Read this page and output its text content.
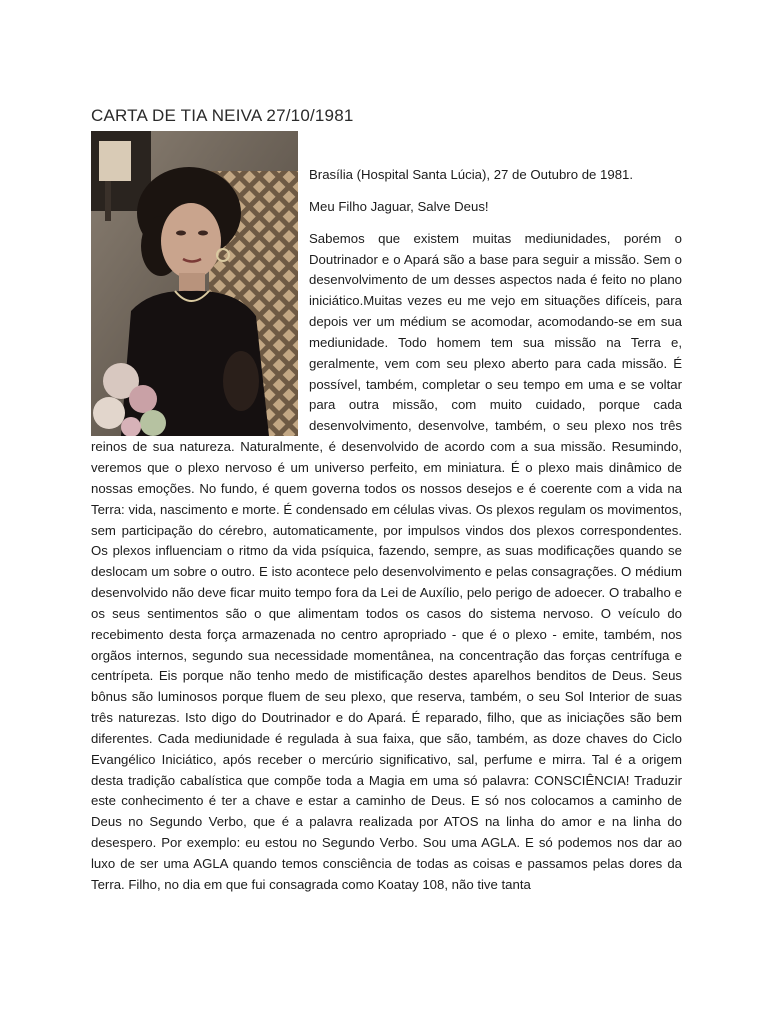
CARTA DE TIA NEIVA 27/10/1981

Brasília (Hospital Santa Lúcia), 27 de Outubro de 1981.

Meu Filho Jaguar, Salve Deus!

Sabemos que existem muitas mediunidades, porém o Doutrinador e o Apará são a base para seguir a missão. Sem o desenvolvimento de um desses aspectos nada é feito no plano iniciático.Muitas vezes eu me vejo em situações difíceis, para depois ver um médium se acomodar, acomodando-se em sua mediunidade. Todo homem tem sua missão na Terra e, geralmente, vem com seu plexo aberto para cada missão. É possível, também, completar o seu tempo em uma e se voltar para outra missão, com muito cuidado, porque cada desenvolvimento, desenvolve, também, o seu plexo nos três reinos de sua natureza. Naturalmente, é desenvolvido de acordo com a sua missão. Resumindo, veremos que o plexo nervoso é um universo perfeito, em miniatura. É o plexo mais dinâmico de nossas emoções. No fundo, é quem governa todos os nossos desejos e é coerente com a vida na Terra: vida, nascimento e morte. É condensado em células vivas. Os plexos regulam os movimentos, sem participação do cérebro, automaticamente, por impulsos vindos dos plexos correspondentes. Os plexos influenciam o ritmo da vida psíquica, fazendo, sempre, as suas modificações quando se deslocam um sobre o outro. E isto acontece pelo desenvolvimento e pelas consagrações. O médium desenvolvido não deve ficar muito tempo fora da Lei de Auxílio, pelo perigo de adoecer. O trabalho e os seus sentimentos são o que alimentam todos os casos do sistema nervoso. O veículo do recebimento desta força armazenada no centro apropriado - que é o plexo - emite, também, nos orgãos internos, segundo sua necessidade momentânea, na concentração das forças centrífuga e centrípeta. Eis porque não tenho medo de mistificação destes aparelhos benditos de Deus. Seus bônus são luminosos porque fluem de seu plexo, que reserva, também, o seu Sol Interior de suas três naturezas. Isto digo do Doutrinador e do Apará. É reparado, filho, que as iniciações são bem diferentes. Cada mediunidade é regulada à sua faixa, que são, também, as doze chaves do Ciclo Evangélico Iniciático, após receber o mercúrio significativo, sal, perfume e mirra. Tal é a origem desta tradição cabalística que compõe toda a Magia em uma só palavra: CONSCIÊNCIA! Traduzir este conhecimento é ter a chave e estar a caminho de Deus. E só nos colocamos a caminho de Deus no Segundo Verbo, que é a palavra realizada por ATOS na linha do amor e na linha do desespero. Por exemplo: eu estou no Segundo Verbo. Sou uma AGLA. E só podemos nos dar ao luxo de ser uma AGLA quando temos consciência de todas as coisas e passamos pelas dores da Terra. Filho, no dia em que fui consagrada como Koatay 108, não tive tanta
